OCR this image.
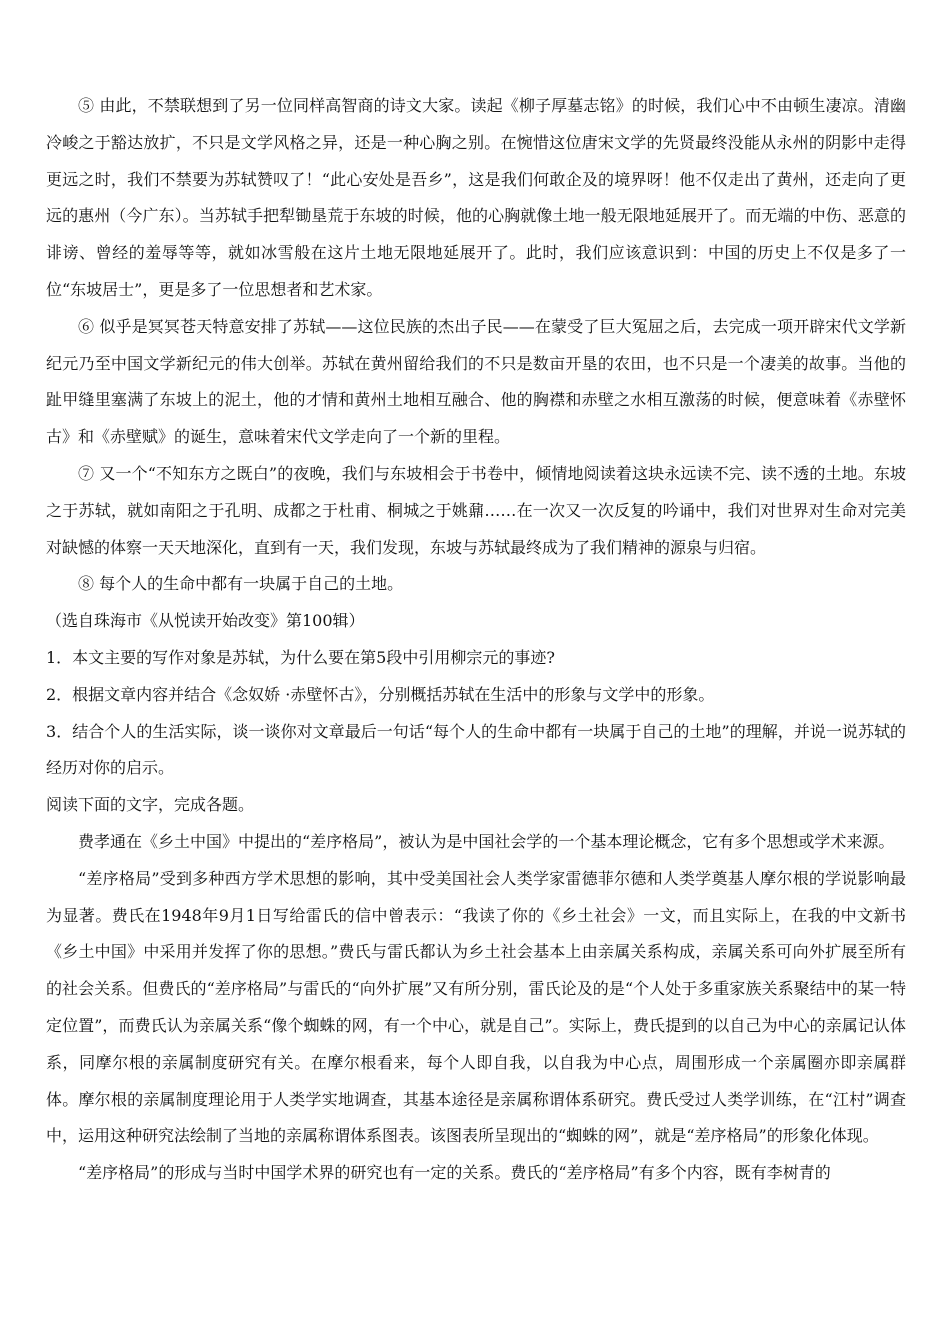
⑤ 由此，不禁联想到了另一位同样高智商的诗文大家。读起《柳子厚墓志铭》的时候，我们心中不由顿生凄凉。清幽冷峻之于豁达放扩，不只是文学风格之异，还是一种心胸之别。在惋惜这位唐宋文学的先贤最终没能从永州的阴影中走得更远之时，我们不禁要为苏轼赞叹了！“此心安处是吾乡”，这是我们何敢企及的境界呀！他不仅走出了黄州，还走向了更远的惠州（今广东）。当苏轼手把犁锄垦荒于东坡的时候，他的心胸就像土地一般无限地延展开了。而无端的中伤、恶意的诽谤、曾经的羞辱等等，就如冰雪般在这片土地无限地延展开了。此时，我们应该意识到：中国的历史上不仅是多了一位“东坡居士”，更是多了一位思想者和艺术家。

⑥ 似乎是冥冥苍天特意安排了苏轼——这位民族的杰出子民——在蒙受了巨大冤屈之后，去完成一项开辟宋代文学新纪元乃至中国文学新纪元的伟大创举。苏轼在黄州留给我们的不只是数亩开垦的农田，也不只是一个凄美的故事。当他的趾甲缝里塞满了东坡上的泥土，他的才情和黄州土地相互融合、他的胸襟和赤壁之水相互激荡的时候，便意味着《赤壁怀古》和《赤壁赋》的诞生，意味着宋代文学走向了一个新的里程。

⑦ 又一个“不知东方之既白”的夜晚，我们与东坡相会于书卷中，倾情地阅读着这块永远读不完、读不透的土地。东坡之于苏轼，就如南阳之于孔明、成都之于杜甫、桐城之于姚鼐……在一次又一次反复的吟诵中，我们对世界对生命对完美对缺憾的体察一天天地深化，直到有一天，我们发现，东坡与苏轼最终成为了我们精神的源泉与归宿。

⑧ 每个人的生命中都有一块属于自己的土地。

（选自珠海市《从悦读开始改变》第100辑）

1．本文主要的写作对象是苏轼，为什么要在第5段中引用柳宗元的事迹?

2．根据文章内容并结合《念奴娇 ·赤壁怀古》，分别概括苏轼在生活中的形象与文学中的形象。

3．结合个人的生活实际，谈一谈你对文章最后一句话“每个人的生命中都有一块属于自己的土地”的理解，并说一说苏轼的经历对你的启示。

阅读下面的文字，完成各题。

费孝通在《乡土中国》中提出的“差序格局”，被认为是中国社会学的一个基本理论概念，它有多个思想或学术来源。

“差序格局”受到多种西方学术思想的影响，其中受美国社会人类学家雷德菲尔德和人类学奠基人摩尔根的学说影响最为显著。费氏在1948年9月1日写给雷氏的信中曾表示：“我读了你的《乡土社会》一文，而且实际上，在我的中文新书《乡土中国》中采用并发挥了你的思想。”费氏与雷氏都认为乡土社会基本上由亲属关系构成，亲属关系可向外扩展至所有的社会关系。但费氏的“差序格局”与雷氏的“向外扩展”又有所分别，雷氏论及的是“个人处于多重家族关系聚结中的某一特定位置”，而费氏认为亲属关系“像个蜘蛛的网，有一个中心，就是自己”。实际上，费氏提到的以自己为中心的亲属记认体系，同摩尔根的亲属制度研究有关。在摩尔根看来，每个人即自我，以自我为中心点，周围形成一个亲属圈亦即亲属群体。摩尔根的亲属制度理论用于人类学实地调查，其基本途径是亲属称谓体系研究。费氏受过人类学训练，在“江村”调查中，运用这种研究法绘制了当地的亲属称谓体系图表。该图表所呈现出的“蜘蛛的网”，就是“差序格局”的形象化体现。

“差序格局”的形成与当时中国学术界的研究也有一定的关系。费氏的“差序格局”有多个内容，既有李树青的
